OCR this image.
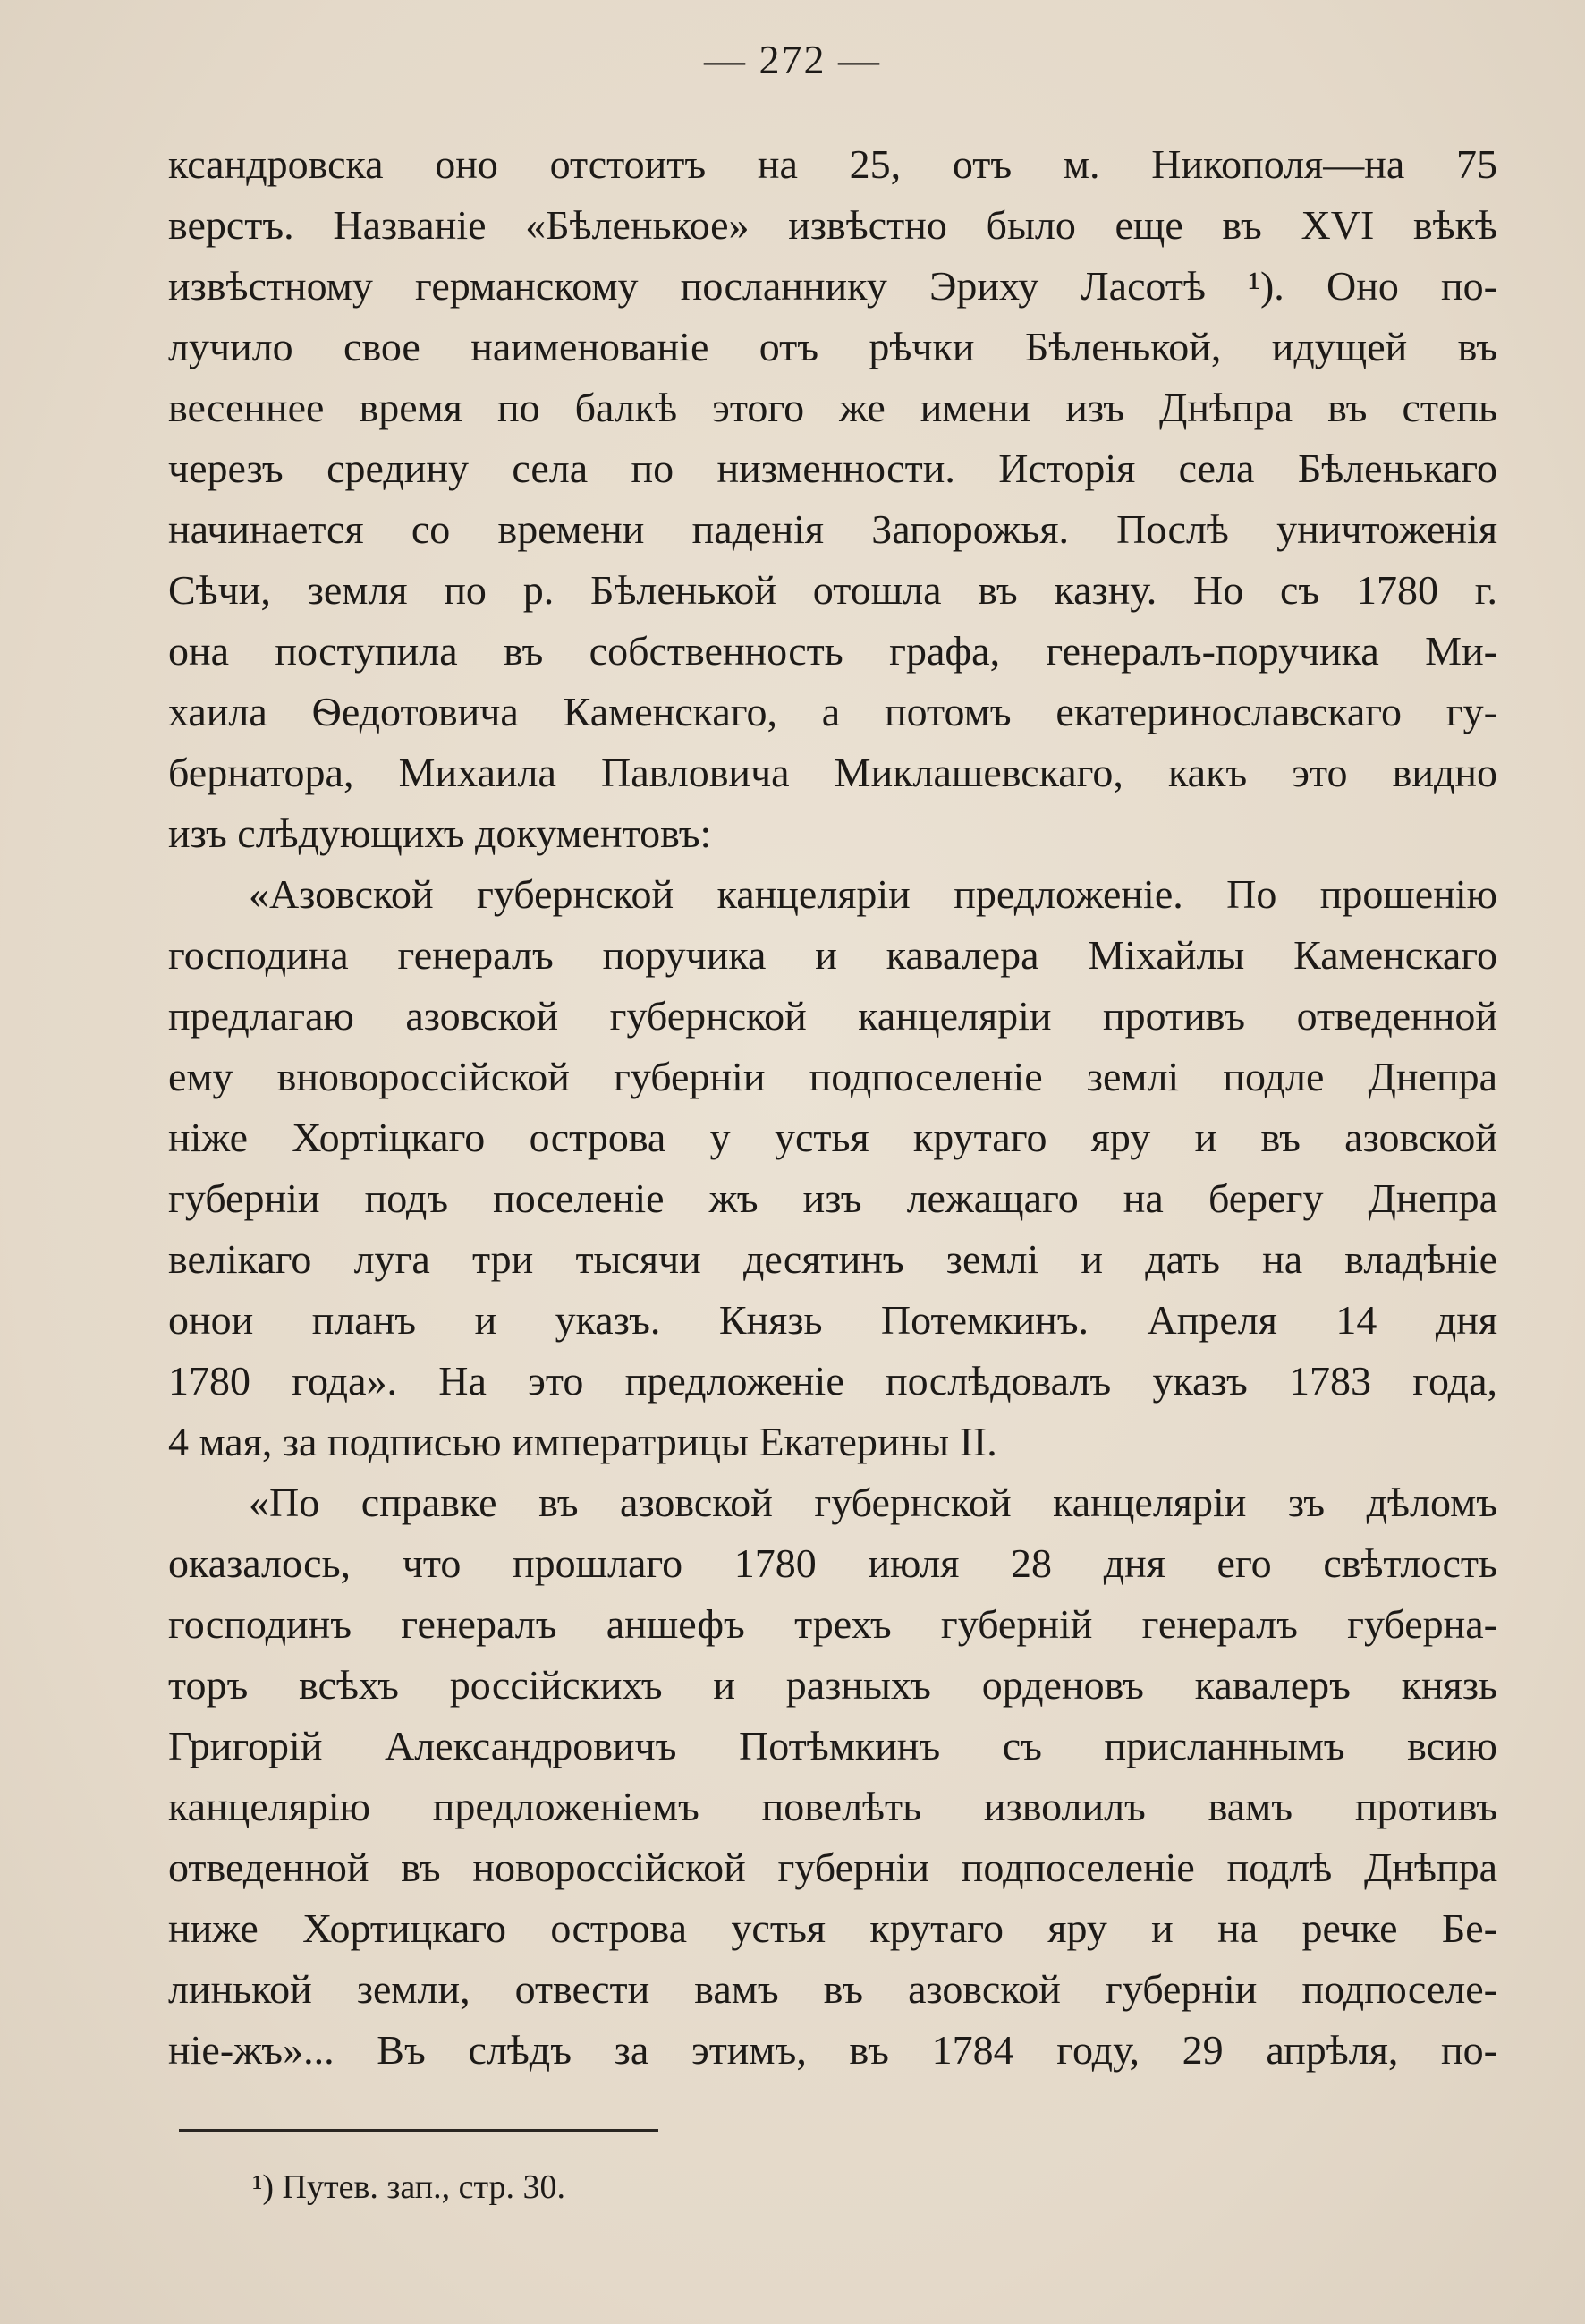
— 272 —
ксандровска оно отстоитъ на 25, отъ м. Никополя—на 75
верстъ. Названіе «Бѣленькое» извѣстно было еще въ XVI вѣкѣ
извѣстному германскому посланнику Эриху Ласотѣ ¹). Оно по-
лучило свое наименованіе отъ рѣчки Бѣленькой, идущей въ
весеннее время по балкѣ этого же имени изъ Днѣпра въ степь
черезъ средину села по низменности. Исторія села Бѣленькаго
начинается со времени паденія Запорожья. Послѣ уничтоженія
Сѣчи, земля по р. Бѣленькой отошла въ казну. Но съ 1780 г.
она поступила въ собственность графа, генералъ-поручика Ми-
хаила Ѳедотовича Каменскаго, а потомъ екатеринославскаго гу-
бернатора, Михаила Павловича Миклашевскаго, какъ это видно
изъ слѣдующихъ документовъ:
«Азовской губернской канцеляріи предложеніе. По прошенію
господина генералъ поручика и кавалера Міхайлы Каменскаго
предлагаю азовской губернской канцеляріи противъ отведенной
ему вновороссійской губерніи подпоселеніе землі подле Днепра
ніже Хортіцкаго острова у устья крутаго яру и въ азовской
губерніи подъ поселеніе жъ изъ лежащаго на берегу Днепра
велікаго луга три тысячи десятинъ землі и дать на владѣніе
онои планъ и указъ. Князь Потемкинъ. Апреля 14 дня
1780 года». На это предложеніе послѣдовалъ указъ 1783 года,
4 мая, за подписью императрицы Екатерины II.
«По справке въ азовской губернской канцеляріи зъ дѣломъ
оказалось, что прошлаго 1780 июля 28 дня его свѣтлость
господинъ генералъ аншефъ трехъ губерній генералъ губерна-
торъ всѣхъ россійскихъ и разныхъ орденовъ кавалеръ князь
Григорій Александровичъ Потѣмкинъ съ присланнымъ всию
канцелярію предложеніемъ повелѣть изволилъ вамъ противъ
отведенной въ новороссійской губерніи подпоселеніе подлѣ Днѣпра
ниже Хортицкаго острова устья крутаго яру и на речке Бе-
линькой земли, отвести вамъ въ азовской губерніи подпоселе-
ніе-жъ»... Въ слѣдъ за этимъ, въ 1784 году, 29 апрѣля, по-
¹) Путев. зап., стр. 30.
